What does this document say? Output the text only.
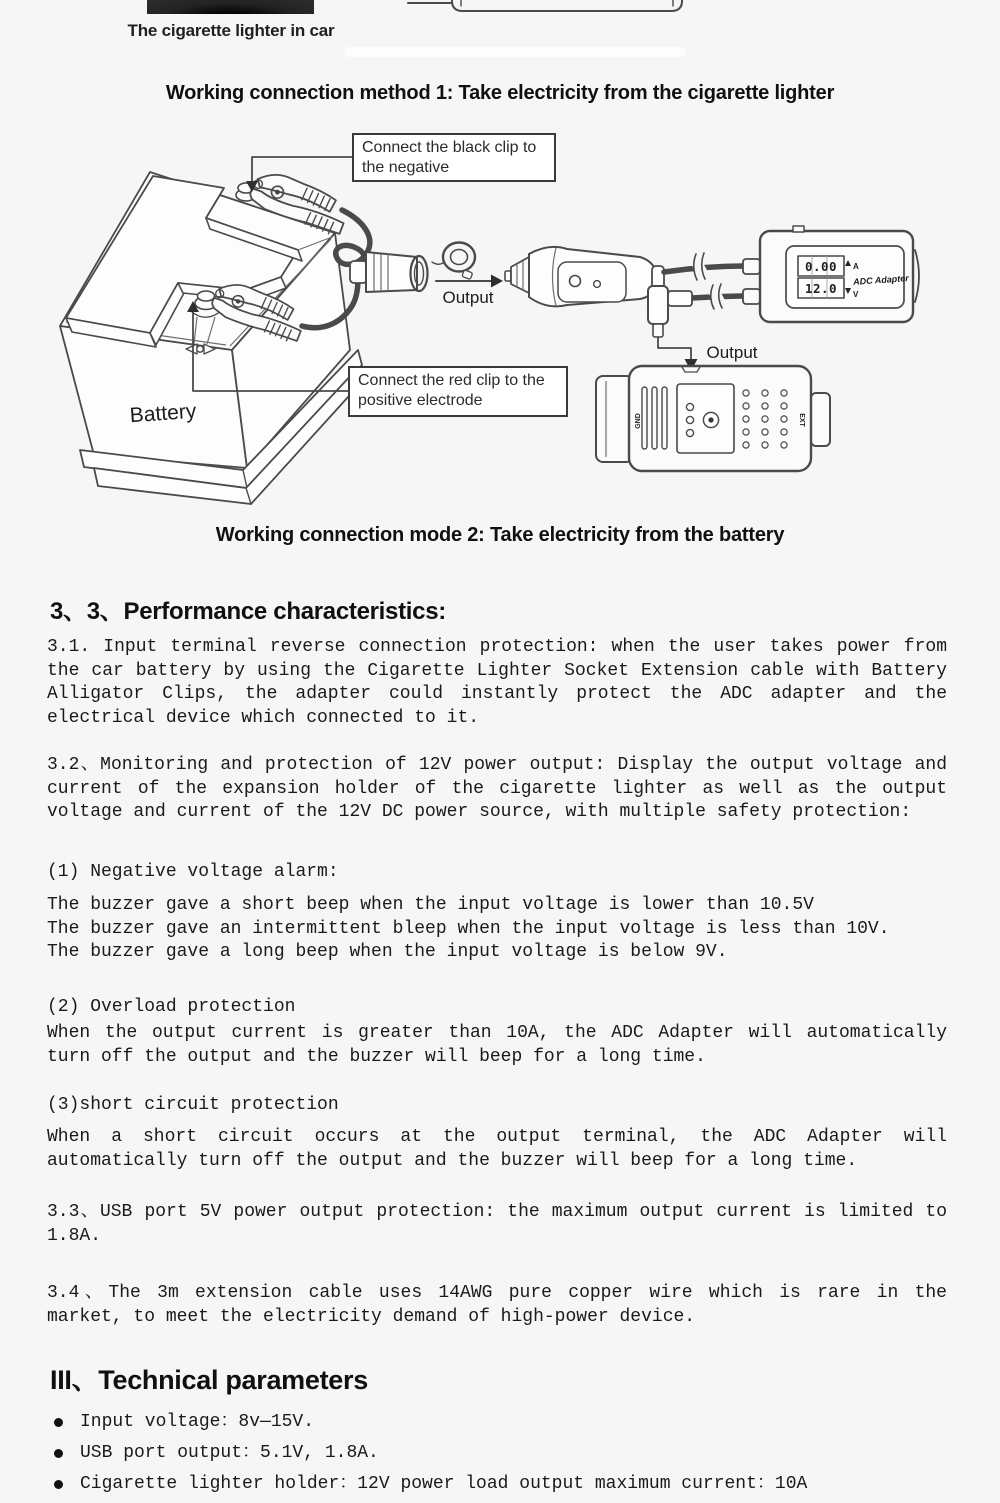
The cigarette lighter in car
Working connection method 1: Take electricity from the cigarette lighter
Battery
Output
0.00
12.0
A
V
ADC Adapter
Output
GND	EXT
Connect the black clip to the negative
Connect the red clip to the positive electrode
Working connection mode 2: Take electricity from the battery
3、3、Performance characteristics:
3.1. Input terminal reverse connection protection: when the user takes power from the car battery by using the Cigarette Lighter Socket Extension cable with Battery Alligator Clips, the adapter could instantly protect the ADC adapter and the electrical device which connected to it.
3.2、Monitoring and protection of 12V power output: Display the output voltage and current of the expansion holder of the cigarette lighter as well as the output voltage and current of the 12V DC power source, with multiple safety protection:
(1) Negative voltage alarm:
The buzzer gave a short beep when the input voltage is lower than 10.5V
The buzzer gave an intermittent bleep when the input voltage is less than 10V.
The buzzer gave a long beep when the input voltage is below 9V.
(2) Overload protection
When the output current is greater than 10A, the ADC Adapter will automatically turn off the output and the buzzer will beep for a long time.
(3)short circuit protection
When a short circuit occurs at the output terminal, the ADC Adapter will automatically turn off the output and the buzzer will beep for a long time.
3.3、USB port 5V power output protection: the maximum output current is limited to 1.8A.
3.4、The 3m extension cable uses 14AWG pure copper wire which is rare in the market, to meet the electricity demand of high-power device.
III、Technical parameters
Input voltage：8v—15V.
USB port output：5.1V, 1.8A.
Cigarette lighter holder：12V power load output maximum current：10A
